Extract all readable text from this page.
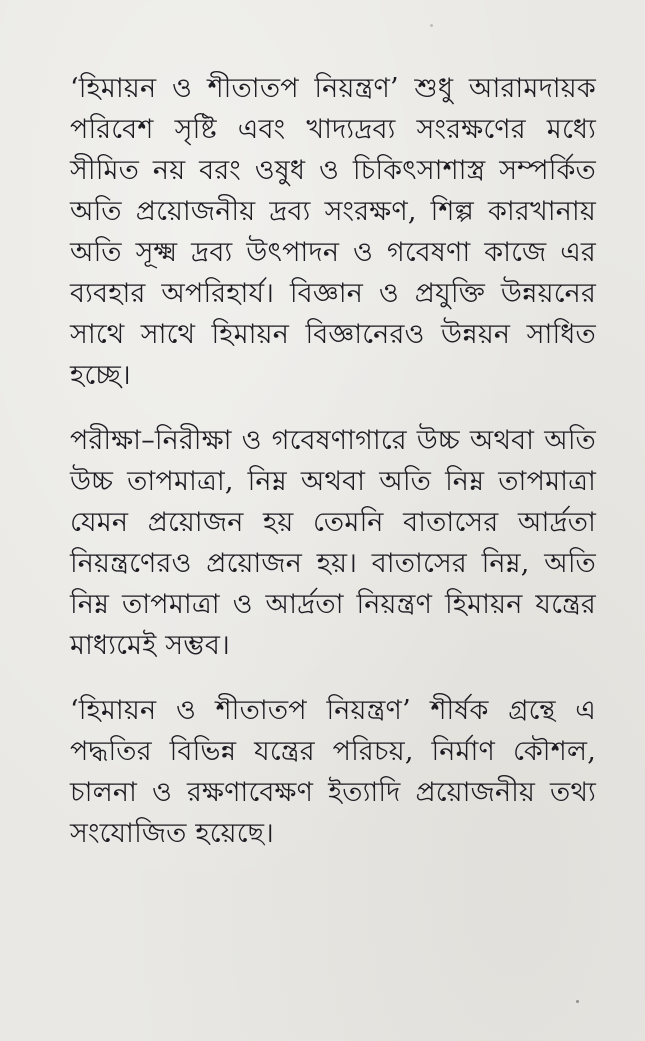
‘হিমায়ন ও শীতাতপ নিয়ন্ত্রণ’ শুধু আরামদায়ক পরিবেশ সৃষ্টি এবং খাদ্যদ্রব্য সংরক্ষণের মধ্যে সীমিত নয় বরং ওষুধ ও চিকিৎসাশাস্ত্র সম্পর্কিত অতি প্রয়োজনীয় দ্রব্য সংরক্ষণ, শিল্প কারখানায় অতি সূক্ষ্ম দ্রব্য উৎপাদন ও গবেষণা কাজে এর ব্যবহার অপরিহার্য। বিজ্ঞান ও প্রযুক্তি উন্নয়নের সাথে সাথে হিমায়ন বিজ্ঞানেরও উন্নয়ন সাধিত হচ্ছে।

পরীক্ষা–নিরীক্ষা ও গবেষণাগারে উচ্চ অথবা অতি উচ্চ তাপমাত্রা, নিম্ন অথবা অতি নিম্ন তাপমাত্রা যেমন প্রয়োজন হয় তেমনি বাতাসের আর্দ্রতা নিয়ন্ত্রণেরও প্রয়োজন হয়। বাতাসের নিম্ন, অতি নিম্ন তাপমাত্রা ও আর্দ্রতা নিয়ন্ত্রণ হিমায়ন যন্ত্রের মাধ্যমেই সম্ভব।

‘হিমায়ন ও শীতাতপ নিয়ন্ত্রণ’ শীর্ষক গ্রন্থে এ পদ্ধতির বিভিন্ন যন্ত্রের পরিচয়, নির্মাণ কৌশল, চালনা ও রক্ষণাবেক্ষণ ইত্যাদি প্রয়োজনীয় তথ্য সংযোজিত হয়েছে।
